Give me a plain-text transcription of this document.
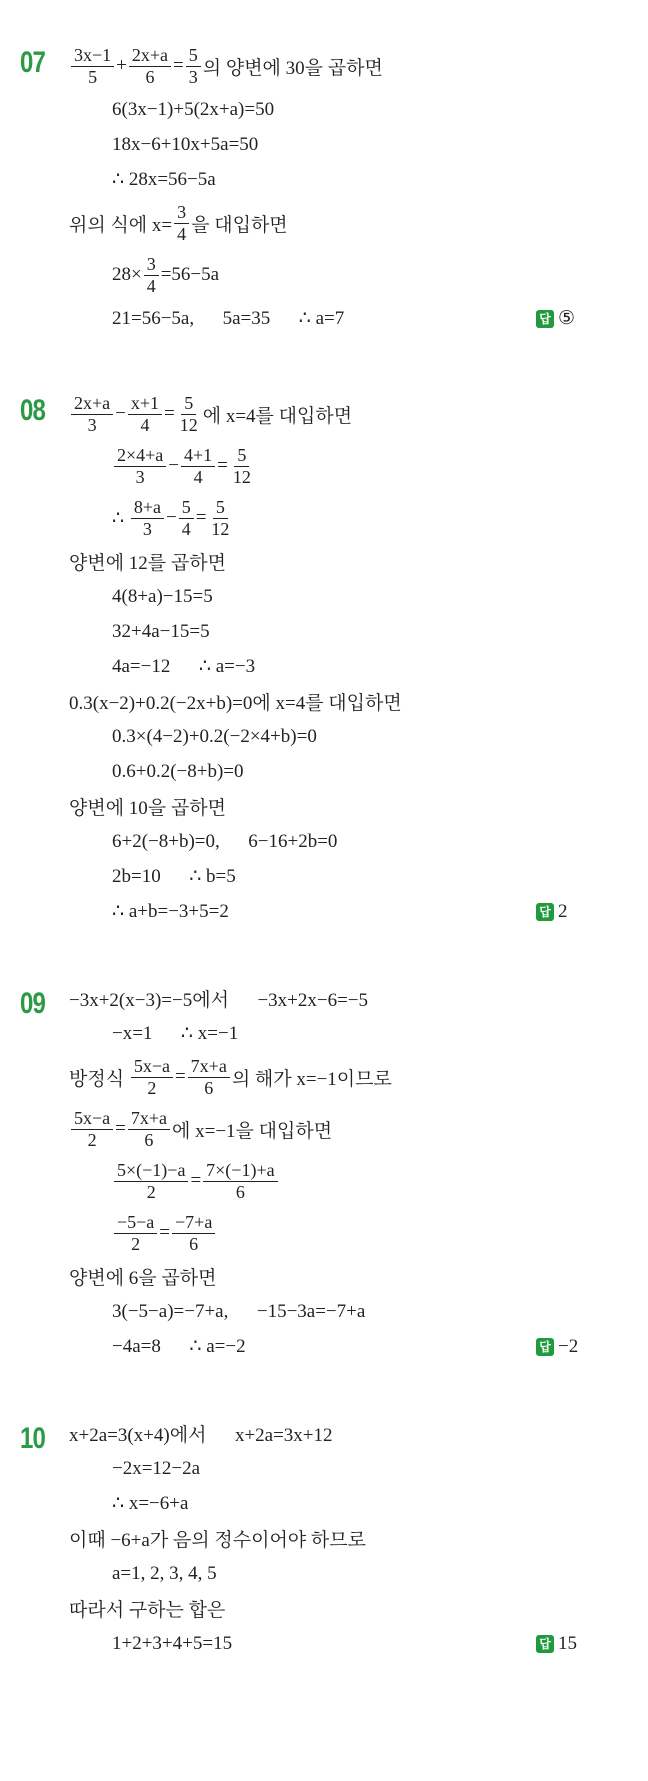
$07 \frac{3x-1}{5} + \frac{2x+a}{6} = \frac{5}{3}$ 의 양변에 30을 곱하면
6(3x−1)+5(2x+a)=50
18x−6+10x+5a=50
∴ 28x=56−5a
위의 식에 $x= \frac{3}{4}$ 을 대입하면
$28\times \frac{3}{4} =56-5a$
21=56−5a,      5a=35      ∴ a=7	답 ⑤
$08 \frac{2x+a}{3} - \frac{x+1}{4} = \frac{5}{12}$ 에 x=4를 대입하면
$\frac{2\times 4+a}{3} - \frac{4+1}{4} = \frac{5}{12}$
∴ $\frac{8+a}{3} - \frac{5}{4} = \frac{5}{12}$
양변에 12를 곱하면
4(8+a)−15=5
32+4a−15=5
4a=−12      ∴ a=−3
0.3(x−2)+0.2(−2x+b)=0에 x=4를 대입하면
0.3×(4−2)+0.2(−2×4+b)=0
0.6+0.2(−8+b)=0
양변에 10을 곱하면
6+2(−8+b)=0,      6−16+2b=0
2b=10      ∴ b=5
∴ a+b=−3+5=2	답 2
09 −3x+2(x−3)=−5에서      −3x+2x−6=−5
−x=1      ∴ x=−1
방정식 $\frac{5x-a}{2} = \frac{7x+a}{6}$ 의 해가 x=−1이므로
$\frac{5x-a}{2} = \frac{7x+a}{6}$ 에 x=−1을 대입하면
$\frac{5\times(-1)-a}{2} = \frac{7\times(-1)+a}{6}$
$\frac{-5-a}{2} = \frac{-7+a}{6}$
양변에 6을 곱하면
3(−5−a)=−7+a,      −15−3a=−7+a
−4a=8      ∴ a=−2	답 −2
10 x+2a=3(x+4)에서      x+2a=3x+12
−2x=12−2a
∴ x=−6+a
이때 −6+a가 음의 정수이어야 하므로
a=1, 2, 3, 4, 5
따라서 구하는 합은
1+2+3+4+5=15	답 15
